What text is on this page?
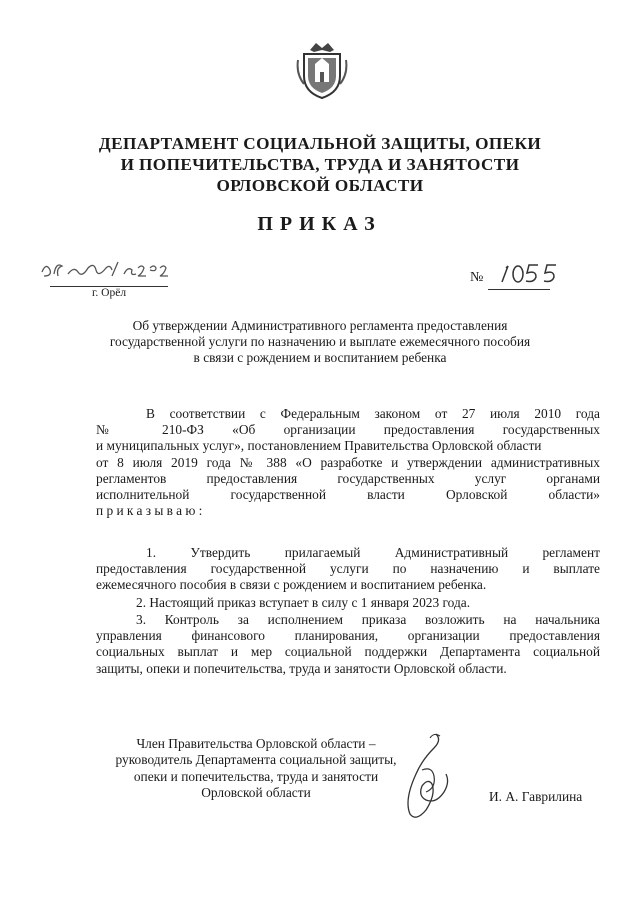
ДЕПАРТАМЕНТ СОЦИАЛЬНОЙ ЗАЩИТЫ, ОПЕКИ
И ПОПЕЧИТЕЛЬСТВА, ТРУДА И ЗАНЯТОСТИ
ОРЛОВСКОЙ ОБЛАСТИ
ПРИКАЗ
г. Орёл
№
Об утверждении Административного регламента предоставления
государственной услуги по назначению и выплате ежемесячного пособия
в связи с рождением и воспитанием ребенка
В соответствии с Федеральным законом от 27 июля 2010 года
№ 210-ФЗ «Об организации предоставления государственных
и муниципальных услуг», постановлением Правительства Орловской области
от 8 июля 2019 года № 388 «О разработке и утверждении административных
регламентов предоставления государственных услуг органами
исполнительной государственной власти Орловской области»
приказываю:
1. Утвердить прилагаемый Административный регламент
предоставления государственной услуги по назначению и выплате
ежемесячного пособия в связи с рождением и воспитанием ребенка.
2. Настоящий приказ вступает в силу с 1 января 2023 года.
3. Контроль за исполнением приказа возложить на начальника
управления финансового планирования, организации предоставления
социальных выплат и мер социальной поддержки Департамента социальной
защиты, опеки и попечительства, труда и занятости Орловской области.
Член Правительства Орловской области –
руководитель Департамента социальной защиты,
опеки и попечительства, труда и занятости
Орловской области	И. А. Гаврилина
